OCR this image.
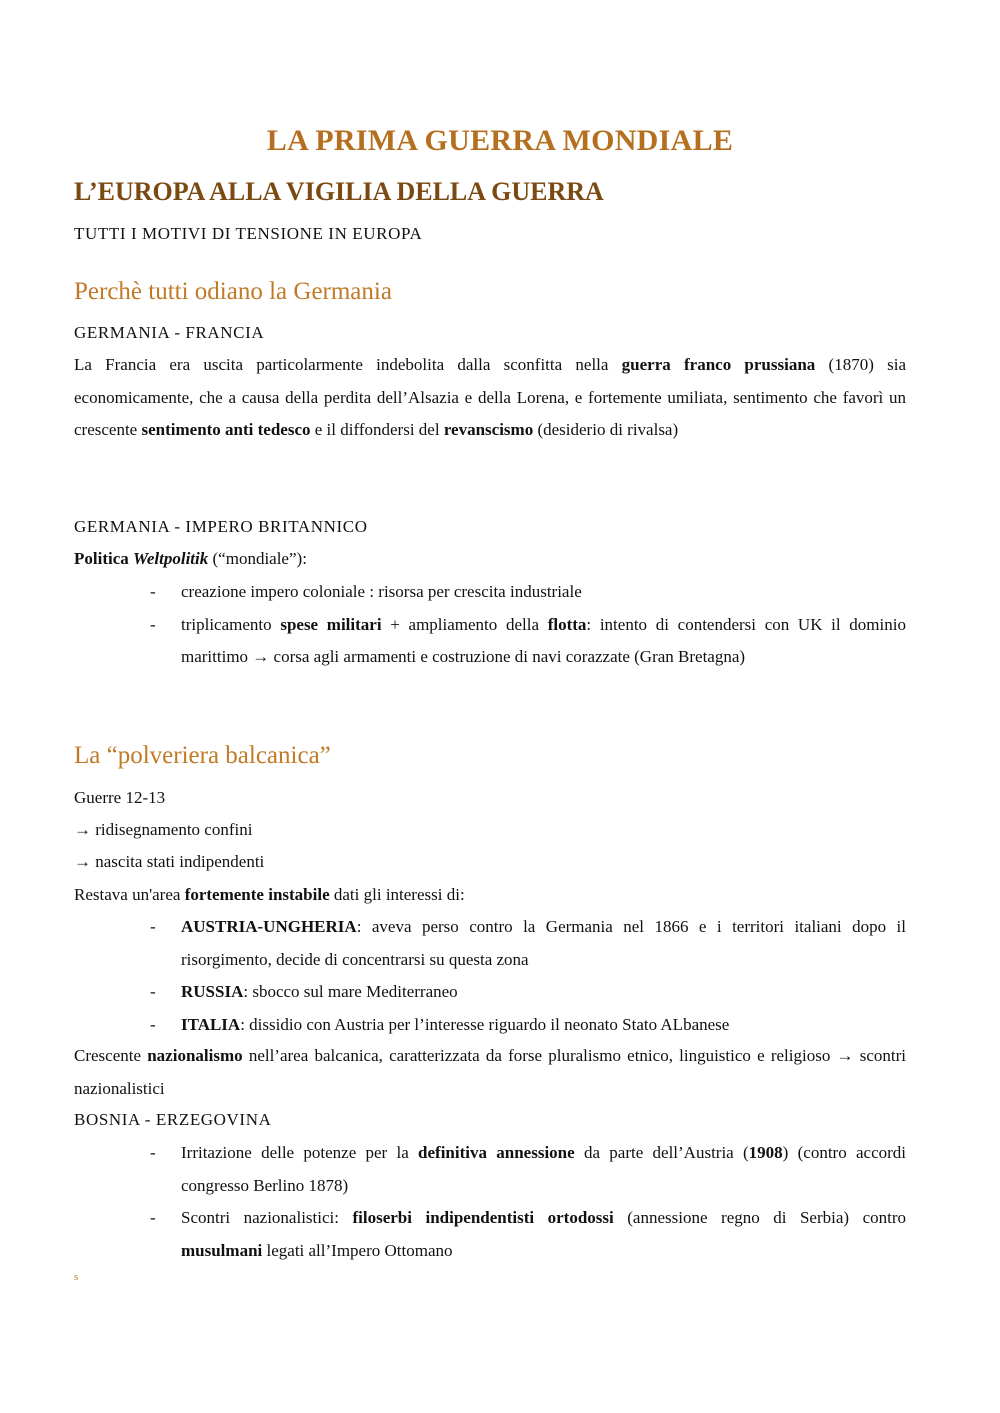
LA PRIMA GUERRA MONDIALE
L’EUROPA ALLA VIGILIA DELLA GUERRA

TUTTI I MOTIVI DI TENSIONE IN EUROPA

Perchè tutti odiano la Germania

GERMANIA - FRANCIA

La Francia era uscita particolarmente indebolita dalla sconfitta nella guerra franco prussiana (1870) sia economicamente, che a causa della perdita dell’Alsazia e della Lorena, e fortemente umiliata, sentimento che favorì un crescente sentimento anti tedesco e il diffondersi del revanscismo (desiderio di rivalsa)

GERMANIA - IMPERO BRITANNICO

Politica Weltpolitik (“mondiale”):

- creazione impero coloniale : risorsa per crescita industriale
- triplicamento spese militari + ampliamento della flotta: intento di contendersi con UK il dominio marittimo → corsa agli armamenti e costruzione di navi corazzate (Gran Bretagna)
La “polveriera balcanica”

Guerre 12-13

→ ridisegnamento confini

→ nascita stati indipendenti

Restava un'area fortemente instabile dati gli interessi di:

- AUSTRIA-UNGHERIA: aveva perso contro la Germania nel 1866 e i territori italiani dopo il risorgimento, decide di concentrarsi su questa zona
- RUSSIA: sbocco sul mare Mediterraneo
- ITALIA: dissidio con Austria per l’interesse riguardo il neonato Stato ALbanese

Crescente nazionalismo nell’area balcanica, caratterizzata da forse pluralismo etnico, linguistico e religioso → scontri nazionalistici

BOSNIA - ERZEGOVINA

- Irritazione delle potenze per la definitiva annessione da parte dell’Austria (1908) (contro accordi congresso Berlino 1878)
- Scontri nazionalistici: filoserbi indipendentisti ortodossi (annessione regno di Serbia) contro musulmani legati all’Impero Ottomano
s
